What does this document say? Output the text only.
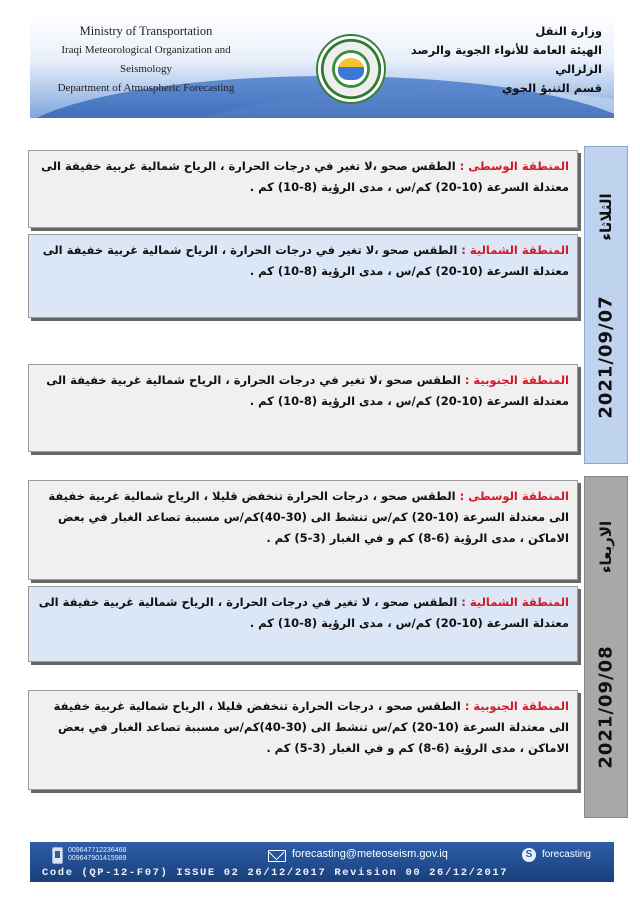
Ministry of Transportation
Iraqi Meteorological Organization and Seismology
Department of Atmospheric Forecasting
وزارة النقل
الهيئة العامة للأنواء الجوية والرصد الزلزالي
قسم التنبؤ الجوي
المنطقة الوسطى : الطقس صحو ،لا تغير في درجات الحرارة ، الرياح شمالية غربية خفيفة الى معتدلة السرعة (10-20) كم/س ، مدى الرؤية (8-10) كم .
المنطقة الشمالية : الطقس صحو ،لا تغير في درجات الحرارة ، الرياح شمالية غربية خفيفة الى معتدلة السرعة (10-20) كم/س ، مدى الرؤية (8-10) كم .
المنطقة الجنوبية : الطقس صحو ،لا تغير في درجات الحرارة ، الرياح شمالية غربية خفيفة الى معتدلة السرعة (10-20) كم/س ، مدى الرؤية (8-10) كم .
الثلاثاء
2021/09/07
المنطقة الوسطى : الطقس صحو ، درجات الحرارة تنخفض قليلا ، الرياح شمالية غربية خفيفة الى معتدلة السرعة (10-20) كم/س تنشط الى (30-40)كم/س مسببة تصاعد الغبار في بعض الاماكن ، مدى الرؤية (6-8) كم و في الغبار (3-5) كم .
المنطقة الشمالية : الطقس صحو ، لا تغير في درجات الحرارة ، الرياح شمالية غربية خفيفة الى معتدلة السرعة (10-20) كم/س ، مدى الرؤية (8-10) كم .
المنطقة الجنوبية : الطقس صحو ، درجات الحرارة تنخفض قليلا ، الرياح شمالية غربية خفيفة الى معتدلة السرعة (10-20) كم/س تنشط الى (30-40)كم/س مسببة تصاعد الغبار في بعض الاماكن ، مدى الرؤية (6-8) كم و في الغبار (3-5) كم .
الاربعاء
2021/09/08
009647712236468
009647901415989	forecasting@meteoseism.gov.iq	S forecasting
Code (QP-12-F07) ISSUE 02 26/12/2017 Revision 00 26/12/2017
